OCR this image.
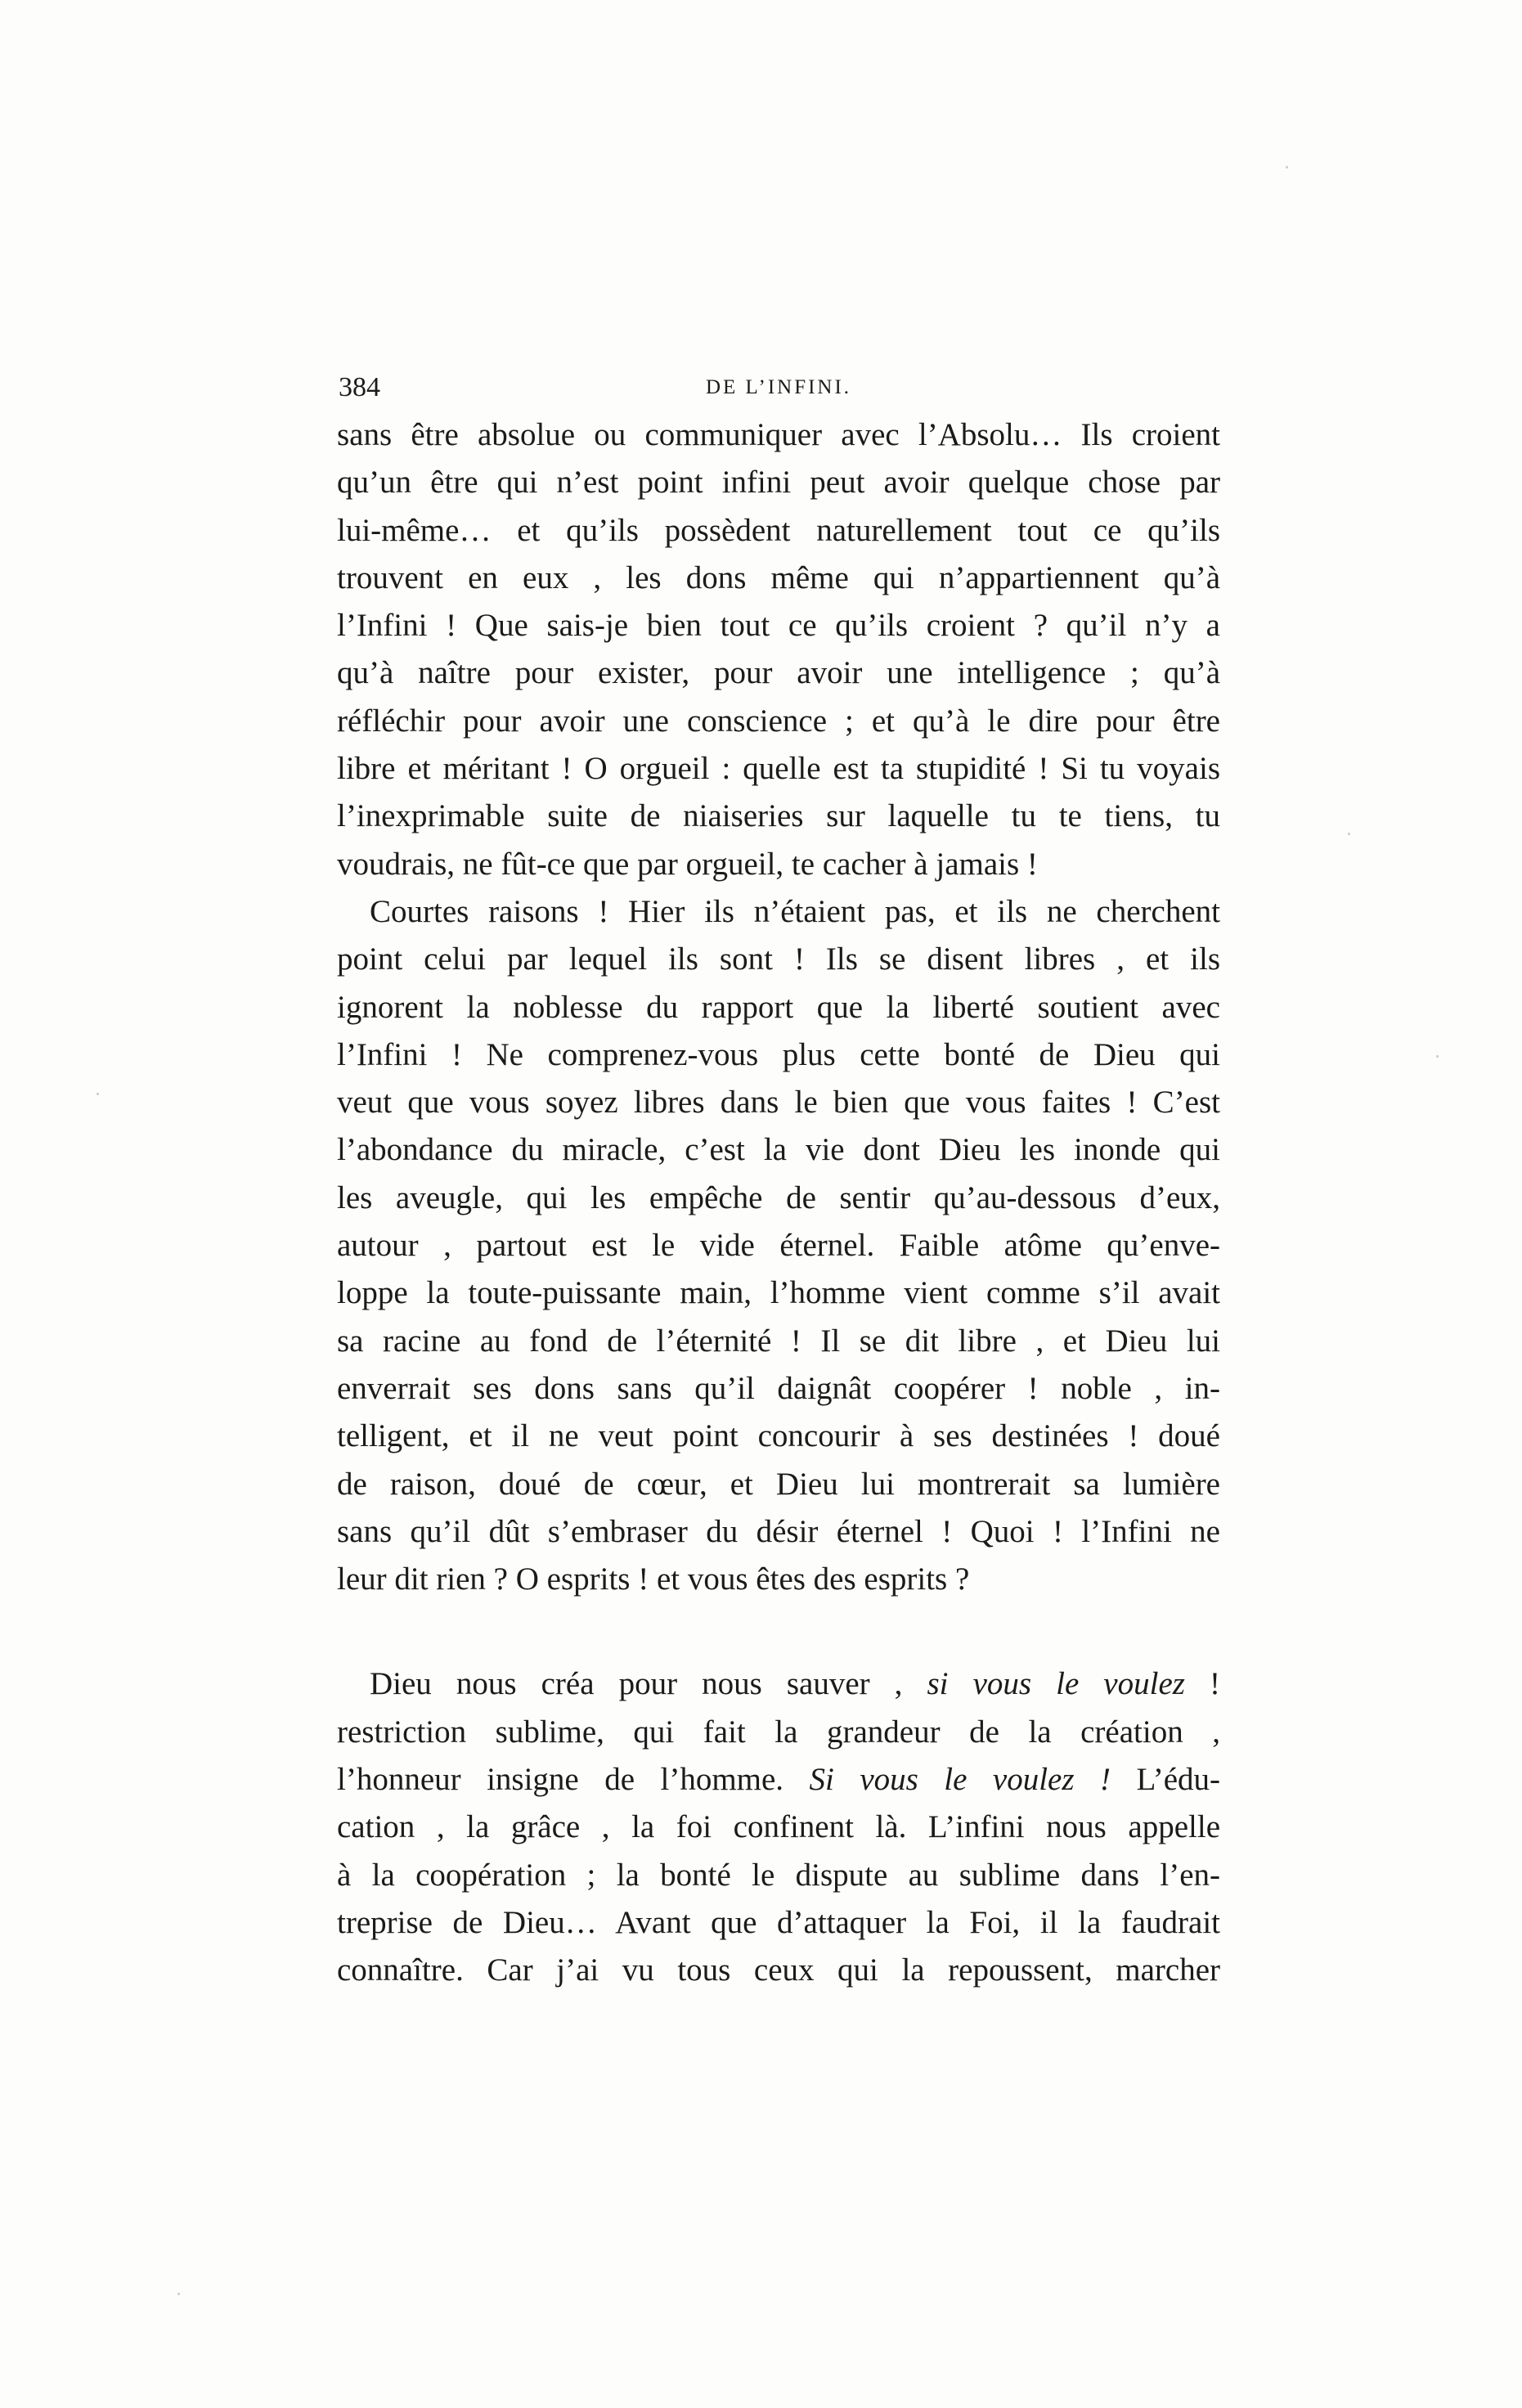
384	DE L’INFINI.
sans être absolue ou communiquer avec l’Absolu… Ils croient
qu’un être qui n’est point infini peut avoir quelque chose par
lui-même… et qu’ils possèdent naturellement tout ce qu’ils
trouvent en eux , les dons même qui n’appartiennent qu’à
l’Infini ! Que sais-je bien tout ce qu’ils croient ? qu’il n’y a
qu’à naître pour exister, pour avoir une intelligence ; qu’à
réfléchir pour avoir une conscience ; et qu’à le dire pour être
libre et méritant ! O orgueil : quelle est ta stupidité ! Si tu voyais
l’inexprimable suite de niaiseries sur laquelle tu te tiens, tu
voudrais, ne fût-ce que par orgueil, te cacher à jamais !
Courtes raisons ! Hier ils n’étaient pas, et ils ne cherchent
point celui par lequel ils sont ! Ils se disent libres , et ils
ignorent la noblesse du rapport que la liberté soutient avec
l’Infini ! Ne comprenez-vous plus cette bonté de Dieu qui
veut que vous soyez libres dans le bien que vous faites ! C’est
l’abondance du miracle, c’est la vie dont Dieu les inonde qui
les aveugle, qui les empêche de sentir qu’au-dessous d’eux,
autour , partout est le vide éternel. Faible atôme qu’enve-
loppe la toute-puissante main, l’homme vient comme s’il avait
sa racine au fond de l’éternité ! Il se dit libre , et Dieu lui
enverrait ses dons sans qu’il daignât coopérer ! noble , in-
telligent, et il ne veut point concourir à ses destinées ! doué
de raison, doué de cœur, et Dieu lui montrerait sa lumière
sans qu’il dût s’embraser du désir éternel ! Quoi ! l’Infini ne
leur dit rien ? O esprits ! et vous êtes des esprits ?
Dieu nous créa pour nous sauver , si vous le voulez !
restriction sublime, qui fait la grandeur de la création ,
l’honneur insigne de l’homme. Si vous le voulez ! L’édu-
cation , la grâce , la foi confinent là. L’infini nous appelle
à la coopération ; la bonté le dispute au sublime dans l’en-
treprise de Dieu… Avant que d’attaquer la Foi, il la faudrait
connaître. Car j’ai vu tous ceux qui la repoussent, marcher
